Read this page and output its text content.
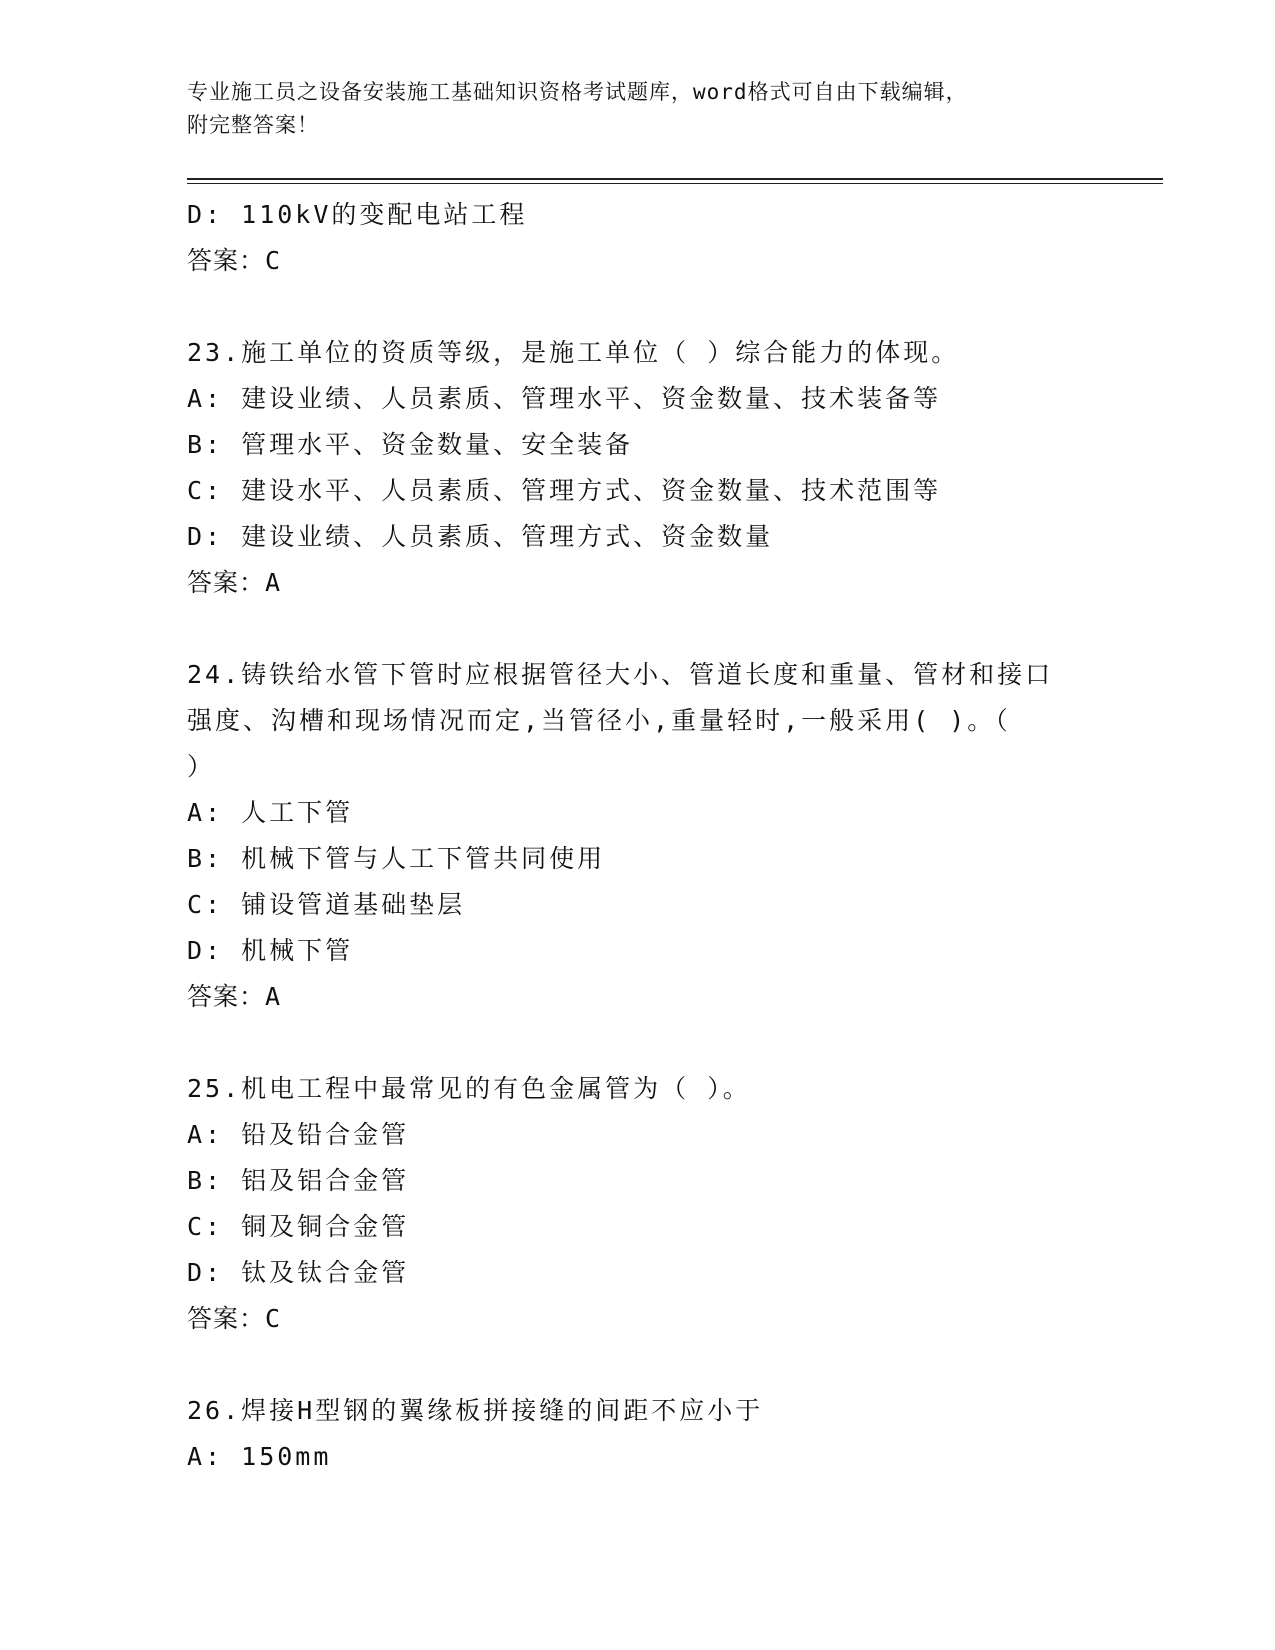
专业施工员之设备安装施工基础知识资格考试题库，word格式可自由下载编辑，
附完整答案！
D: 110kV的变配电站工程
答案：C
23.施工单位的资质等级，是施工单位（ ）综合能力的体现。
A: 建设业绩、人员素质、管理水平、资金数量、技术装备等
B: 管理水平、资金数量、安全装备
C: 建设水平、人员素质、管理方式、资金数量、技术范围等
D: 建设业绩、人员素质、管理方式、资金数量
答案：A
24.铸铁给水管下管时应根据管径大小、管道长度和重量、管材和接口
强度、沟槽和现场情况而定,当管径小,重量轻时,一般采用( )。（
）
A: 人工下管
B: 机械下管与人工下管共同使用
C: 铺设管道基础垫层
D: 机械下管
答案：A
25.机电工程中最常见的有色金属管为（ ）。
A: 铅及铅合金管
B: 铝及铝合金管
C: 铜及铜合金管
D: 钛及钛合金管
答案：C
26.焊接H型钢的翼缘板拼接缝的间距不应小于
A: 150mm
